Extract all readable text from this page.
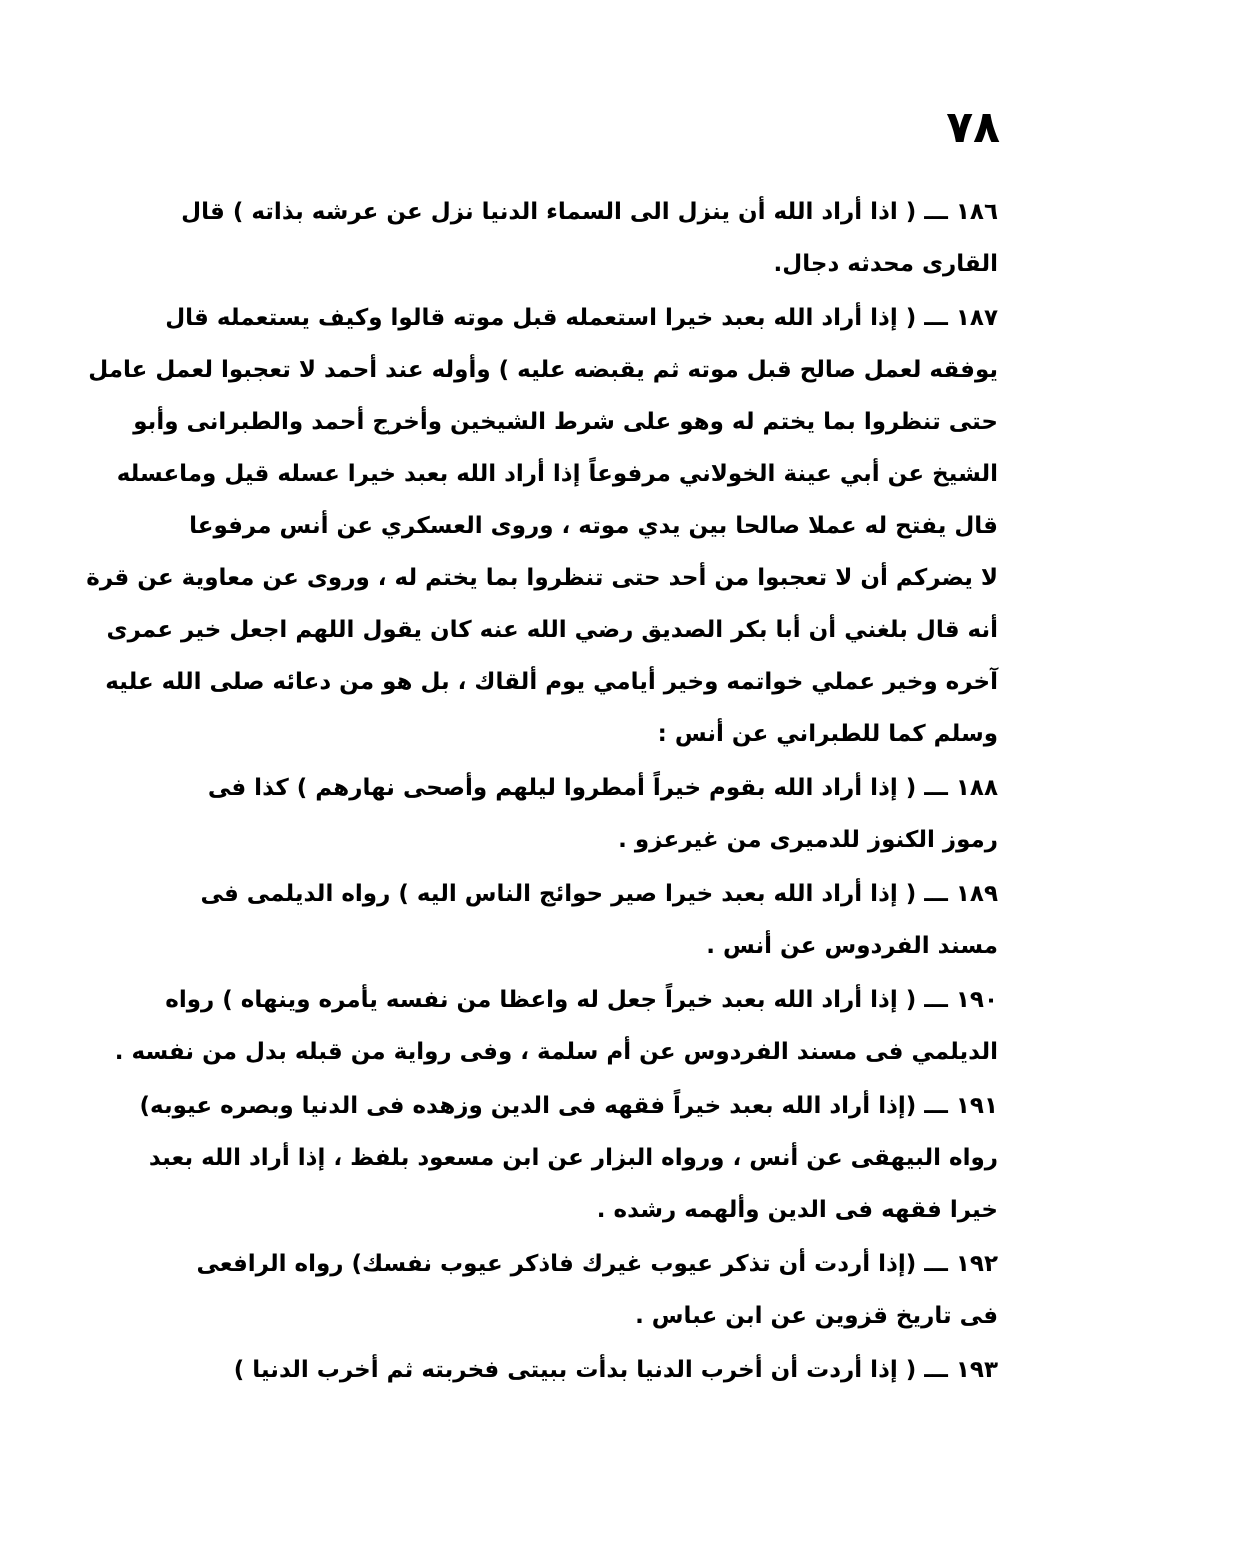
٧٨
١٨٦ ـــ ( اذا أراد الله أن ينزل الى السماء الدنيا نزل عن عرشه بذاته ) قال
القارى محدثه دجال.
١٨٧ ـــ ( إذا أراد الله بعبد خيرا استعمله قبل موته قالوا وكيف يستعمله قال
يوفقه لعمل صالح قبل موته ثم يقبضه عليه ) وأوله عند أحمد لا تعجبوا لعمل عامل
حتى تنظروا بما يختم له وهو على شرط الشيخين وأخرج أحمد والطبرانى وأبو
الشيخ عن أبي عينة الخولاني مرفوعاً إذا أراد الله بعبد خيرا عسله قيل وماعسله
قال يفتح له عملا صالحا بين يدي موته ، وروى العسكري عن أنس مرفوعا
لا يضركم أن لا تعجبوا من أحد حتى تنظروا بما يختم له ، وروى عن معاوية عن قرة
أنه قال بلغني أن أبا بكر الصديق رضي الله عنه كان يقول اللهم اجعل خير عمرى
آخره وخير عملي خواتمه وخير أيامي يوم ألقاك ، بل هو من دعائه صلى الله عليه
وسلم كما للطبراني عن أنس :
١٨٨ ـــ ( إذا أراد الله بقوم خيراً أمطروا ليلهم وأصحى نهارهم ) كذا فى
رموز الكنوز للدميرى من غيرعزو .
١٨٩ ـــ ( إذا أراد الله بعبد خيرا صير حوائج الناس اليه ) رواه الديلمى فى
مسند الفردوس عن أنس .
١٩٠ ـــ ( إذا أراد الله بعبد خيراً جعل له واعظا من نفسه يأمره وينهاه ) رواه
الديلمي فى مسند الفردوس عن أم سلمة ، وفى رواية من قبله بدل من نفسه .
١٩١ ـــ (إذا أراد الله بعبد خيراً فقهه فى الدين وزهده فى الدنيا وبصره عيوبه)
رواه البيهقى عن أنس ، ورواه البزار عن ابن مسعود بلفظ ، إذا أراد الله بعبد
خيرا فقهه فى الدين وألهمه رشده .
١٩٢ ـــ (إذا أردت أن تذكر عيوب غيرك فاذكر عيوب نفسك) رواه الرافعى
فى تاريخ قزوين عن ابن عباس .
١٩٣ ـــ ( إذا أردت أن أخرب الدنيا بدأت ببيتى فخربته ثم أخرب الدنيا )
